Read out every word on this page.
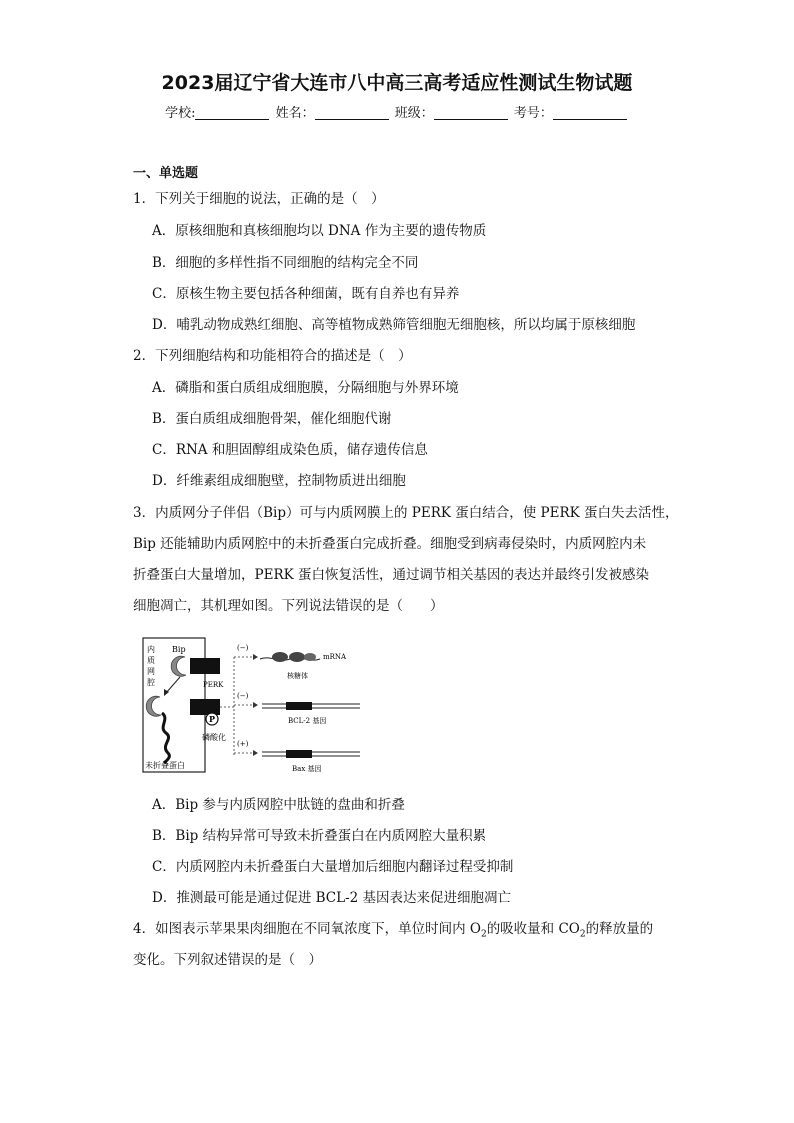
2023届辽宁省大连市八中高三高考适应性测试生物试题
学校:	姓名：	班级：	考号：
一、单选题
1．下列关于细胞的说法，正确的是（　）
A．原核细胞和真核细胞均以 DNA 作为主要的遗传物质
B．细胞的多样性指不同细胞的结构完全不同
C．原核生物主要包括各种细菌，既有自养也有异养
D．哺乳动物成熟红细胞、高等植物成熟筛管细胞无细胞核，所以均属于原核细胞
2．下列细胞结构和功能相符合的描述是（　）
A．磷脂和蛋白质组成细胞膜，分隔细胞与外界环境
B．蛋白质组成细胞骨架，催化细胞代谢
C．RNA 和胆固醇组成染色质，储存遗传信息
D．纤维素组成细胞壁，控制物质进出细胞
3．内质网分子伴侣（Bip）可与内质网膜上的 PERK 蛋白结合，使 PERK 蛋白失去活性，
Bip 还能辅助内质网腔中的未折叠蛋白完成折叠。细胞受到病毒侵染时，内质网腔内未
折叠蛋白大量增加，PERK 蛋白恢复活性，通过调节相关基因的表达并最终引发被感染
细胞凋亡，其机理如图。下列说法错误的是（　　）
内
质
网
腔
Bip
PERK
未折叠蛋白
P
磷酸化
(−)
(−)
(+)
mRNA
核糖体
BCL-2 基因
Bax 基因
A．Bip 参与内质网腔中肽链的盘曲和折叠
B．Bip 结构异常可导致未折叠蛋白在内质网腔大量积累
C．内质网腔内未折叠蛋白大量增加后细胞内翻译过程受抑制
D．推测最可能是通过促进 BCL-2 基因表达来促进细胞凋亡
4．如图表示苹果果肉细胞在不同氧浓度下，单位时间内 $O_2$的吸收量和 $CO_2$的释放量的
变化。下列叙述错误的是（　）
